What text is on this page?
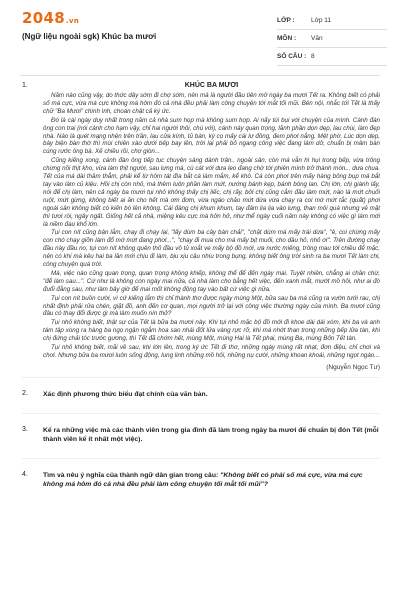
2048.vn
(Ngữ liệu ngoài sgk) Khúc ba mươi
LỚP :	Lớp 11
MÔN :	Văn
SỐ CÂU : 8
1.	KHÚC BA MƯƠI

Năm nào cũng vậy, do thức dậy sớm đi chợ sớm, nên má là người đầu tiên mở ngày ba mươi Tết ra. Không biết có phải số má cực, vừa má cực không má hôm đó cả nhà đều phải làm công chuyện tới mắt tối mũi. Bên nội, nhắc tới Tết là thấy chữ "Ba Mươi" chình ình, choán chật cả ký ức.

Đó là cái ngày duy nhất trong năm cả nhà sum họp mà không sum hợp. Ai nấy túi bụi với chuyện của mình. Cánh đàn ông con trai (nói cánh cho hạm vậy, chỉ hai người thôi, chú với), cánh này quan trọng, lãnh phần dọn dẹp, lau chùi, làm đẹp nhà. Nào là quét mạng nhện trên trần, lau cửa kính, tủ bàn, kỳ cọ mấy cái lư đồng, đem phơi nắng. Mệt phờ. Lúc dọn dẹp, bày biện bàn thờ thì mùi chiên xào dưới bếp bay lên, trời lại phải bỏ ngang công việc đang làm dở, chuẩn bị mâm bàn cúng rước ông bà. Xế chiều rồi, chợ giòn...

Cũng kiếng xong, cánh đàn ông tiếp tục chuyện sáng dành trận.. ngoài sân, còn má vẫn hì hụi trong bếp, vừa trông chừng nồi thịt kho, vừa làm thịt người, sau lưng má, cù cát với dưa leo đang chờ tới phiên mình trở thành món... dưa chua. Tết của má dài thăm thẳm, phải kể từ hôm tát đìa bắt cá làm mắm, kể khô. Cá còn phơi trên mấy hàng bông bụp má bắt tay vào làm củ kiệu. Hồi chị còn nhỏ, má thêm luôn phần làm mứt, nướng bánh kẹp, bánh bông lan. Chị lớn, chị giành lấy, nói để chị làm, nên cả ngày ba mươi tụi nhỏ không thấy chị liếc, chị rãy, bởi chị cũng cắm đầu làm mứt, nào là mứt chuối ruột, mứt gừng, không biết ai ăn cho hết mà ơm đơm, vừa ngáo chảo mứt dừa vừa chạy ra coi mớ mứt tắc (quất) phơi ngoài sân không biết có kiến bò lên không. Cái đáng chị khum khum, tay đâm lia lịa vào lưng, than mỏi quá nhưng vẻ mặt thì tươi rói, ngây ngất. Giống hết cả nhà, miệng kêu cực mà hởn hở, như thể ngày cuối năm này không có việc gì làm mới là niềm đau khổ lớn.

Tụi con nít cũng bận lắm, chạy đi chạy lại, "lấy dùm ba cây bàn chải", "chặt dùm má mấy trái dừa", "ê, coi chừng mấy con chó chạy giỡn làm đổ mớ mứt đang phơi...", "chạy đi mua cho má mấy bịt muối, cho dầu hỏ, nhỏ ơi". Trên đường chạy đầu này đầu no, tụi con nít không quên thỏ đầu vô tủ xoắt ve mấy bộ đồ mới, ưa nước miếng, trông mau tới chiều để mặc, nên có khi má kêu hai ba lần mới chịu đi làm, bịu xịu cậu nhíu trong bụng, không biết ông trời sinh ra ba mươi Tết làm chi, công chuyện quá trời.

Mà, việc nào cũng quan trọng, quan trọng không khiếp, không thể để đến ngày mai. Tuyệt nhiên, chẳng ai chần chừ, "để làm sau...". Cứ như là không còn ngày mai nữa, cả nhà làm cho bằng hết việc, đến xanh mắt, mướt mồ hôi, như ai đó đuổi đằng sau, như làm bây giờ để mai mốt không động tay vào bất cứ việc gì nữa.

Tụi con nít buồn cười, vì cứ kiếng lắm thì chỉ thành thơ được ngày mùng Một, bữa sau ba má cũng ra vườn tưới rau, chị nhất định phải rửa chén, giặt đồ, anh đến cơ quan, mọi người trở lại với công việc thường ngày của mình. Ba mươi cũng đâu có thay đổi được gì mà làm muốn nín thở?

Tụi nhỏ không biết, thật sự của Tết là bữa ba mươi này. Khi tụi nhỏ mặc bộ đồ mới đi khoe dài dài xóm, khi ba và anh tám tập xong ra hàng ba ngọ ngận ngắm hoa sao nhái đốt lửa vàng rực rỡ, khi má nhớt than trong những bếp lửa tàn, khi chị đứng chải tóc trước gương, thì Tết đã chớm hết, mùng Một, mùng Hai là Tết phai, mùng Ba, mùng Bốn Tết tàn.

Tụi nhỏ không biết, mãi về sau, khi lớn lên, trong ký ức Tết đi thơ, những ngày mùng rất nhạt, đơn điệu, chỉ chơi và chơi. Nhưng bữa ba mươi luôn sống động, lung linh những mồ hôi, những nụ cười, những khoan khoái, những ngọt ngào...

(Nguyễn Ngọc Tư)
2. Xác định phương thức biểu đạt chính của văn bản.
3. Kể ra những việc mà các thành viên trong gia đình đã làm trong ngày ba mươi để chuẩn bị đón Tết (mỗi thành viên kể ít nhất một việc).
4. Tìm và nêu ý nghĩa của thành ngữ dân gian trong câu: "Không biết có phải số má cực, vừa má cực không má hôm đó cả nhà đều phải làm công chuyện tối mắt tối mũi"?
